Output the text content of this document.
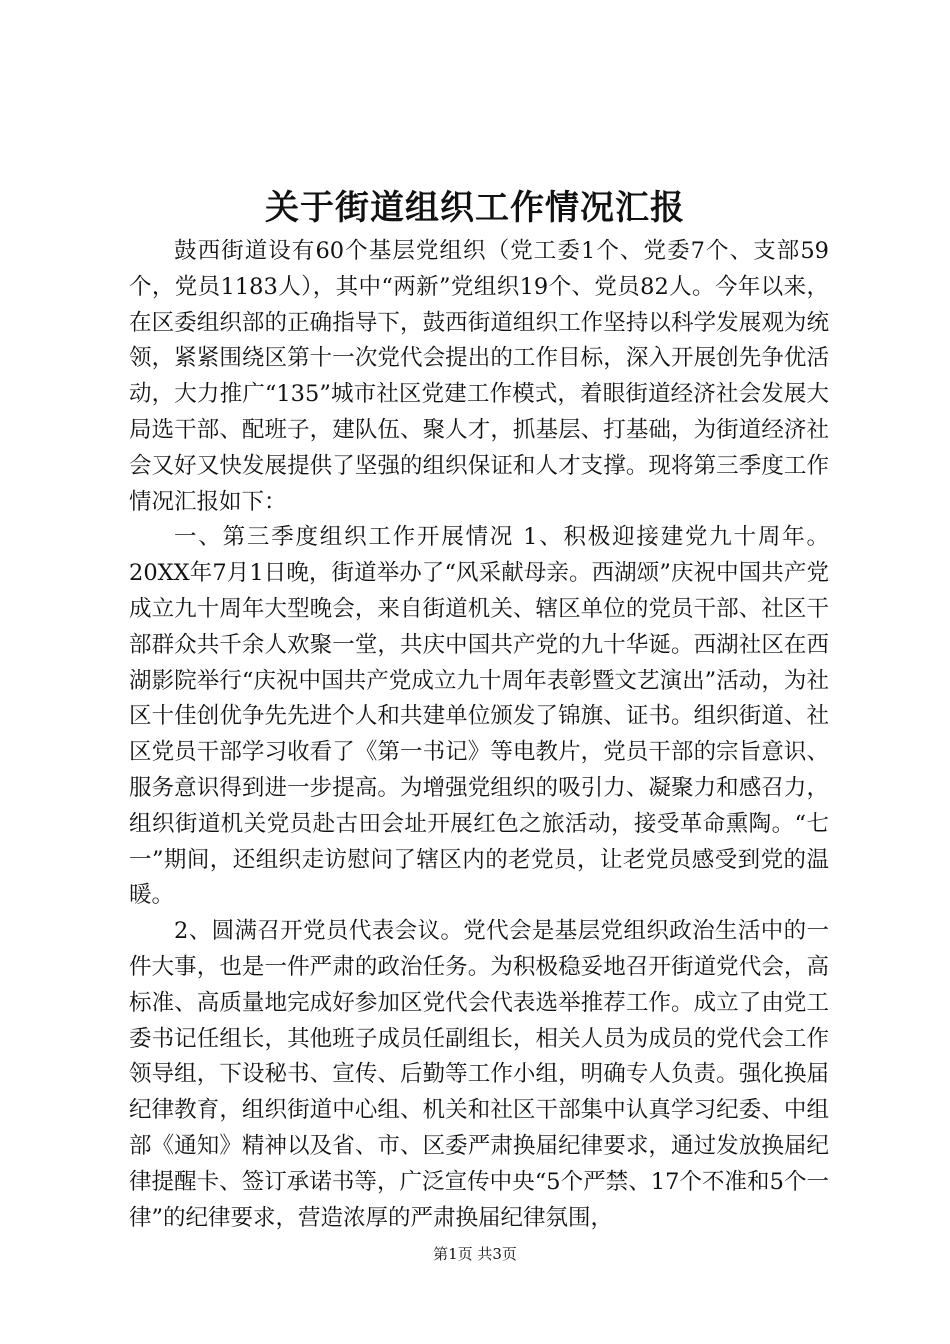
关于街道组织工作情况汇报

鼓西街道设有60个基层党组织（党工委1个、党委7个、支部59个，党员1183人），其中“两新”党组织19个、党员82人。今年以来，在区委组织部的正确指导下，鼓西街道组织工作坚持以科学发展观为统领，紧紧围绕区第十一次党代会提出的工作目标，深入开展创先争优活动，大力推广“135”城市社区党建工作模式，着眼街道经济社会发展大局选干部、配班子，建队伍、聚人才，抓基层、打基础，为街道经济社会又好又快发展提供了坚强的组织保证和人才支撑。现将第三季度工作情况汇报如下：

一、第三季度组织工作开展情况 1、积极迎接建党九十周年。20XX年7月1日晚，街道举办了“风采献母亲。西湖颂”庆祝中国共产党成立九十周年大型晚会，来自街道机关、辖区单位的党员干部、社区干部群众共千余人欢聚一堂，共庆中国共产党的九十华诞。西湖社区在西湖影院举行“庆祝中国共产党成立九十周年表彰暨文艺演出”活动，为社区十佳创优争先先进个人和共建单位颁发了锦旗、证书。组织街道、社区党员干部学习收看了《第一书记》等电教片，党员干部的宗旨意识、服务意识得到进一步提高。为增强党组织的吸引力、凝聚力和感召力，组织街道机关党员赴古田会址开展红色之旅活动，接受革命熏陶。“七一”期间，还组织走访慰问了辖区内的老党员，让老党员感受到党的温暖。

2、圆满召开党员代表会议。党代会是基层党组织政治生活中的一件大事，也是一件严肃的政治任务。为积极稳妥地召开街道党代会，高标准、高质量地完成好参加区党代会代表选举推荐工作。成立了由党工委书记任组长，其他班子成员任副组长，相关人员为成员的党代会工作领导组，下设秘书、宣传、后勤等工作小组，明确专人负责。强化换届纪律教育，组织街道中心组、机关和社区干部集中认真学习纪委、中组部《通知》精神以及省、市、区委严肃换届纪律要求，通过发放换届纪律提醒卡、签订承诺书等，广泛宣传中央“5个严禁、17个不准和5个一律”的纪律要求，营造浓厚的严肃换届纪律氛围，

第1页 共3页
